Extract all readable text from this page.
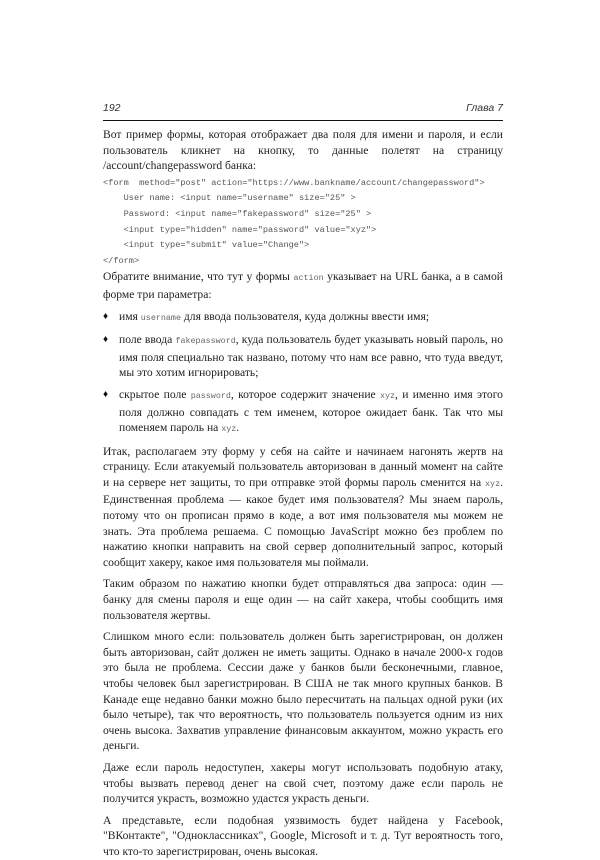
192	Глава 7

Вот пример формы, которая отображает два поля для имени и пароля, и если пользователь кликнет на кнопку, то данные полетят на страницу /account/changepassword банка:

<form  method="post" action="https://www.bankname/account/changepassword">
User name: <input name="username" size="25" >
Password: <input name="fakepassword" size="25" >
<input type="hidden" name="password" value="xyz">
<input type="submit" value="Change">
</form>

Обратите внимание, что тут у формы action указывает на URL банка, а в самой форме три параметра:

♦ имя username для ввода пользователя, куда должны ввести имя;
♦ поле ввода fakepassword, куда пользователь будет указывать новый пароль, но имя поля специально так названо, потому что нам все равно, что туда введут, мы это хотим игнорировать;
♦ скрытое поле password, которое содержит значение xyz, и именно имя этого поля должно совпадать с тем именем, которое ожидает банк. Так что мы поменяем пароль на xyz.

Итак, располагаем эту форму у себя на сайте и начинаем нагонять жертв на страницу. Если атакуемый пользователь авторизован в данный момент на сайте и на сервере нет защиты, то при отправке этой формы пароль сменится на xyz. Единственная проблема — какое будет имя пользователя? Мы знаем пароль, потому что он прописан прямо в коде, а вот имя пользователя мы можем не знать. Эта проблема решаема. С помощью JavaScript можно без проблем по нажатию кнопки направить на свой сервер дополнительный запрос, который сообщит хакеру, какое имя пользователя мы поймали.

Таким образом по нажатию кнопки будет отправляться два запроса: один — банку для смены пароля и еще один — на сайт хакера, чтобы сообщить имя пользователя жертвы.

Слишком много если: пользователь должен быть зарегистрирован, он должен быть авторизован, сайт должен не иметь защиты. Однако в начале 2000-х годов это была не проблема. Сессии даже у банков были бесконечными, главное, чтобы человек был зарегистрирован. В США не так много крупных банков. В Канаде еще недавно банки можно было пересчитать на пальцах одной руки (их было четыре), так что вероятность, что пользователь пользуется одним из них очень высока. Захватив управление финансовым аккаунтом, можно украсть его деньги.

Даже если пароль недоступен, хакеры могут использовать подобную атаку, чтобы вызвать перевод денег на свой счет, поэтому даже если пароль не получится украсть, возможно удастся украсть деньги.

А представьте, если подобная уязвимость будет найдена у Facebook, "ВКонтакте", "Одноклассниках", Google, Microsoft и т. д. Тут вероятность того, что кто-то зарегистрирован, очень высокая.
